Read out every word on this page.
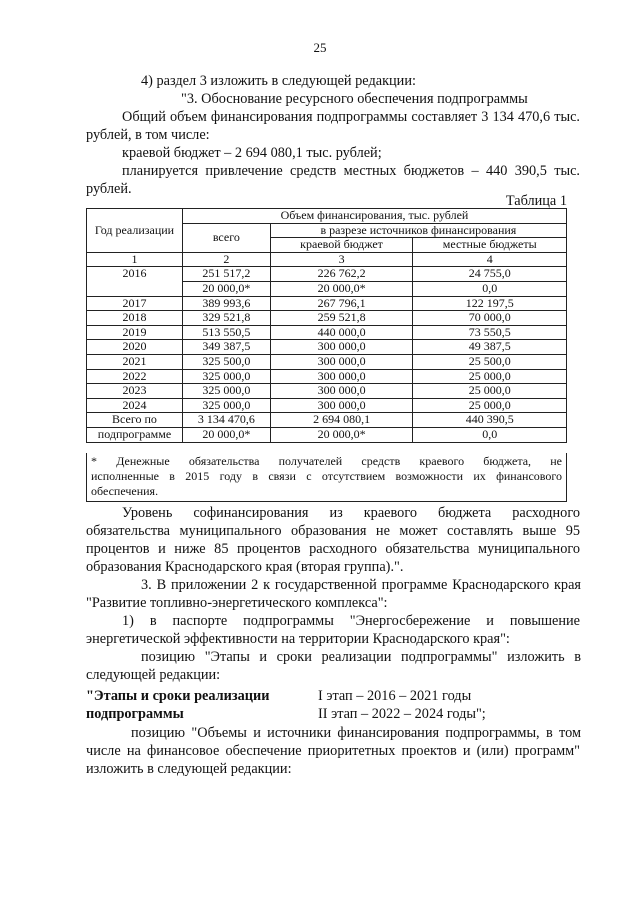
25
4) раздел 3 изложить в следующей редакции:
"3. Обоснование ресурсного обеспечения подпрограммы
Общий объем финансирования подпрограммы составляет 3 134 470,6 тыс.
рублей, в том числе:
краевой бюджет – 2 694 080,1 тыс. рублей;
планируется привлечение средств местных бюджетов – 440 390,5 тыс.
рублей.
Таблица 1
Год реализации	Объем финансирования, тыс. рублей		
	всего	в разрезе источников финансирования	
		краевой бюджет	местные бюджеты
1	2	3	4
2016	251 517,2	226 762,2	24 755,0
	20 000,0*	20 000,0*	0,0
2017	389 993,6	267 796,1	122 197,5
2018	329 521,8	259 521,8	70 000,0
2019	513 550,5	440 000,0	73 550,5
2020	349 387,5	300 000,0	49 387,5
2021	325 500,0	300 000,0	25 500,0
2022	325 000,0	300 000,0	25 000,0
2023	325 000,0	300 000,0	25 000,0
2024	325 000,0	300 000,0	25 000,0
Всего по	3 134 470,6	2 694 080,1	440 390,5
подпрограмме	20 000,0*	20 000,0*	0,0
* Денежные обязательства получателей средств краевого бюджета, не
исполненные в 2015 году в связи с отсутствием возможности их финансового
обеспечения.
Уровень софинансирования из краевого бюджета расходного
обязательства муниципального образования не может составлять выше 95
процентов и ниже 85 процентов расходного обязательства муниципального
образования Краснодарского края (вторая группа).".
3. В приложении 2 к государственной программе Краснодарского края
"Развитие топливно-энергетического комплекса":
1) в паспорте подпрограммы "Энергосбережение и повышение
энергетической эффективности на территории Краснодарского края":
позицию "Этапы и сроки реализации подпрограммы" изложить в
следующей редакции:
"Этапы и сроки реализации
подпрограммы
I этап – 2016 – 2021 годы
II этап – 2022 – 2024 годы";
позицию "Объемы и источники финансирования подпрограммы, в том
числе на финансовое обеспечение приоритетных проектов и (или) программ"
изложить в следующей редакции:
